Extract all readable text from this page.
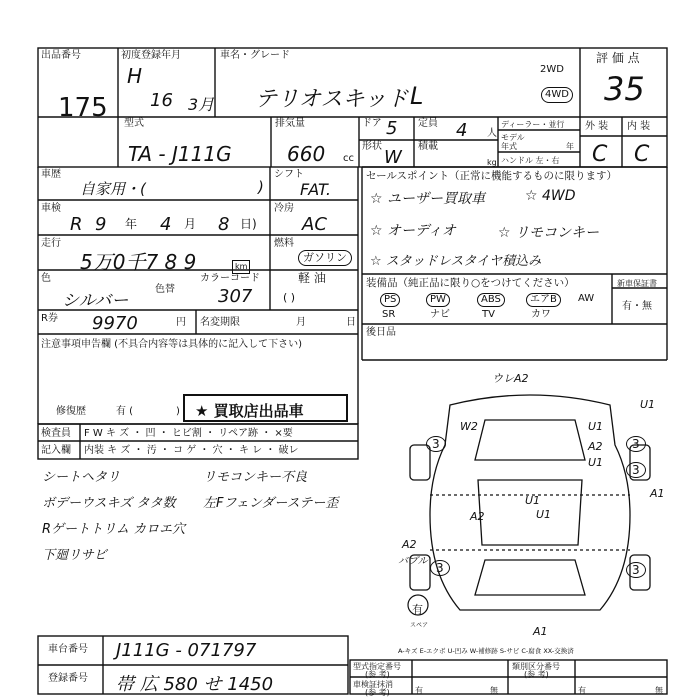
出品番号
175
初度登録年月
H
16 3月
車名・グレード
テリオスキッド L
2WD
4WD
評 価 点
35
型式
TA - J111G
排気量
660 cc
ドア 5 定員 4 人
形状
W
積載
kg
ディーラー・並行
モデル
年式	年
ハンドル 左・右
外 装 内 装
C C
車歴
自家用・(	)
シフト
FAT.
車検
R 9 年 4 月 8 日)
冷房
AC
走行
5万0千7 8 9	km
燃料
ガソリン
軽 油
( )
色
シルバー
色替
カラーコード
307
R券 9970	円 名変期限	月	日
注意事項申告欄 (不具合内容等は具体的に記入して下さい)
修復歴	有 (	) ★ 買取店出品車
検査員 F W キ ズ ・ 凹 ・ ヒビ割 ・ リペア跡 ・ ×要
記入欄 内装 キ ズ ・ 汚 ・ コ ゲ ・ 穴 ・ キ レ ・ 破レ
シートヘタリ
ボデーウスキズ タタ数
Rゲートトリム カロエ穴
下廻リサビ
リモコンキー不良
左Fフェンダーステー歪
セールスポイント（正常に機能するものに限ります）
☆ ユーザー買取車	☆ 4WD
☆ オーディオ	☆ リモコンキー
☆ スタッドレスタイヤ積込み
装備品（純正品に限り○をつけてください）
PS	PW	ABS	エアB	AW
SR	ナビ	TV	カワ
新車保証書
有・無
後日品
ウレA2
U1
W2	U1
3	3
A2
U1
3
A1
U1
U1
A2
A2
バブル 3	3
A1
有
スペア
A-キズ E-エクボ U-凹み W-補修跡 S-サビ C-腐食 XX-交換済
車台番号 J111G - 071797
登録番号 帯 広 580 せ 1450
型式指定番号
(参 考)
類別区分番号
(参 考)
車検証抹消
(参 考)	有	無	有	無
